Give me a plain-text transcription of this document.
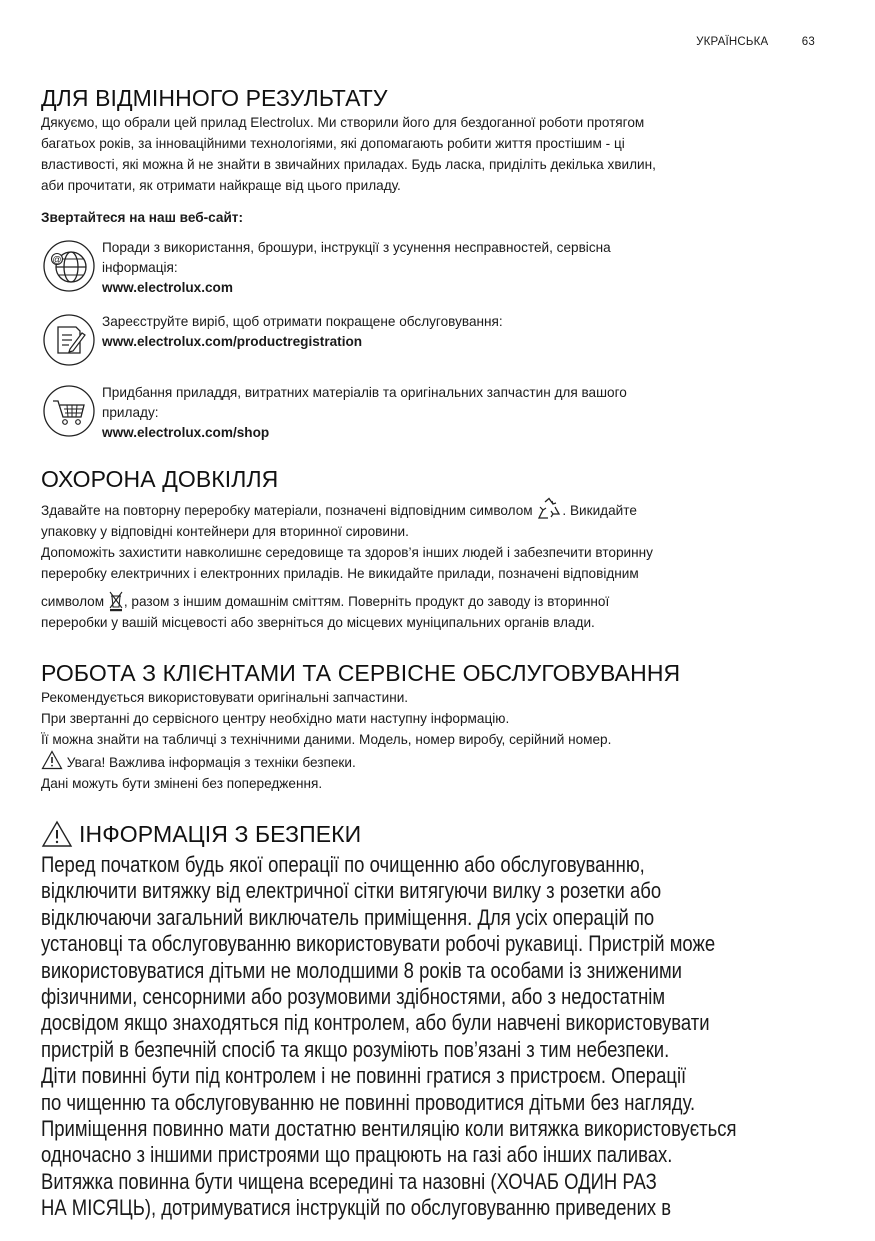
УКРАЇНСЬКА	63
ДЛЯ ВІДМІННОГО РЕЗУЛЬТАТУ

Дякуємо, що обрали цей прилад Electrolux. Ми створили його для бездоганної роботи протягом
багатьох років, за інноваційними технологіями, які допомагають робити життя простішим - ці
властивості, які можна й не знайти в звичайних приладах. Будь ласка, приділіть декілька хвилин,
аби прочитати, як отримати найкраще від цього приладу.

Звертайтеся на наш веб-сайт:
@
Поради з використання, брошури, інструкції з усунення несправностей, сервісна
інформація:
www.electrolux.com
Зареєструйте виріб, щоб отримати покращене обслуговування:
www.electrolux.com/productregistration
Придбання приладдя, витратних матеріалів та оригінальних запчастин для вашого
приладу:
www.electrolux.com/shop
ОХОРОНА ДОВКІЛЛЯ

Здавайте на повторну переробку матеріали, позначені відповідним символом . Викидайте
упаковку у відповідні контейнери для вторинної сировини.
Допоможіть захистити навколишнє середовище та здоров’я інших людей і забезпечити вторинну
переробку електричних і електронних приладів. Не викидайте прилади, позначені відповідним
символом , разом з іншим домашнім сміттям. Поверніть продукт до заводу із вторинної
переробки у вашій місцевості або зверніться до місцевих муніципальних органів влади.

РОБОТА З КЛІЄНТАМИ ТА СЕРВІСНЕ ОБСЛУГОВУВАННЯ

Рекомендується використовувати оригінальні запчастини.
При звертанні до сервісного центру необхідно мати наступну інформацію.
Її можна знайти на табличці з технічними даними. Модель, номер виробу, серійний номер.
Увага! Важлива інформація з техніки безпеки.
Дані можуть бути змінені без попередження.

ІНФОРМАЦІЯ З БЕЗПЕКИ
Перед початком будь якої операції по очищенню або обслуговуванню,
відключити витяжку від електричної сітки витягуючи вилку з розетки або
відключаючи загальний виключатель приміщення. Для усіх операцій по
установці та обслуговуванню використовувати робочі рукавиці. Пристрій може
використовуватися дітьми не молодшими 8 років та особами із зниженими
фізичними, сенсорними або розумовими здібностями, або з недостатнім
досвідом якщо знаходяться під контролем, або були навчені використовувати
пристрій в безпечній спосіб та якщо розуміють пов’язані з тим небезпеки.
Діти повинні бути під контролем і не повинні гратися з пристроєм. Операції
по чищенню та обслуговуванню не повинні проводитися дітьми без нагляду.
Приміщення повинно мати достатню вентиляцію коли витяжка використовується
одночасно з іншими пристроями що працюють на газі або інших паливах.
Витяжка повинна бути чищена всередині та назовні (ХОЧАБ ОДИН РАЗ
НА МІСЯЦЬ), дотримуватися інструкцій по обслуговуванню приведених в
